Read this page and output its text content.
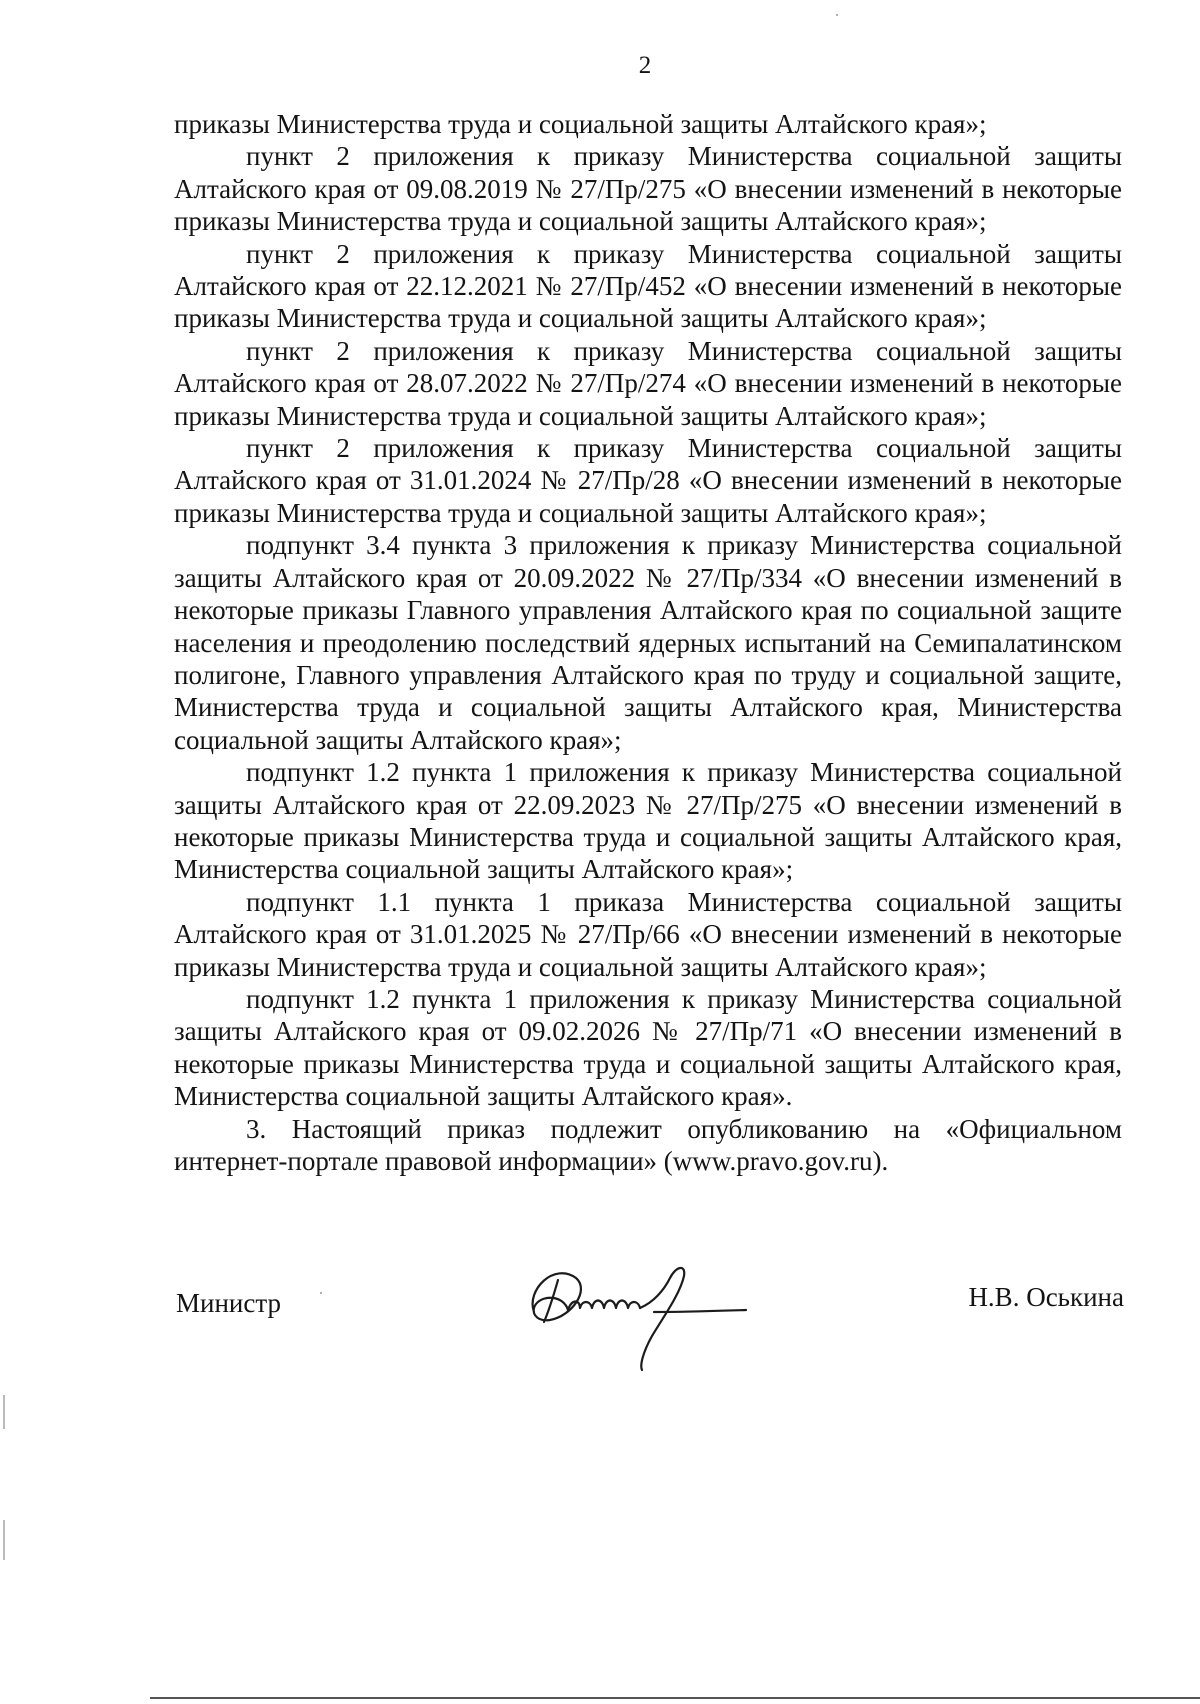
2

приказы Министерства труда и социальной защиты Алтайского края»;

пункт 2 приложения к приказу Министерства социальной защиты Алтайского края от 09.08.2019 № 27/Пр/275 «О внесении изменений в некоторые приказы Министерства труда и социальной защиты Алтайского края»;

пункт 2 приложения к приказу Министерства социальной защиты Алтайского края от 22.12.2021 № 27/Пр/452 «О внесении изменений в некоторые приказы Министерства труда и социальной защиты Алтайского края»;

пункт 2 приложения к приказу Министерства социальной защиты Алтайского края от 28.07.2022 № 27/Пр/274 «О внесении изменений в некоторые приказы Министерства труда и социальной защиты Алтайского края»;

пункт 2 приложения к приказу Министерства социальной защиты Алтайского края от 31.01.2024 № 27/Пр/28 «О внесении изменений в некоторые приказы Министерства труда и социальной защиты Алтайского края»;

подпункт 3.4 пункта 3 приложения к приказу Министерства социальной защиты Алтайского края от 20.09.2022 № 27/Пр/334 «О внесении изменений в некоторые приказы Главного управления Алтайского края по социальной защите населения и преодолению последствий ядерных испытаний на Семипалатинском полигоне, Главного управления Алтайского края по труду и социальной защите, Министерства труда и социальной защиты Алтайского края, Министерства социальной защиты Алтайского края»;

подпункт 1.2 пункта 1 приложения к приказу Министерства социальной защиты Алтайского края от 22.09.2023 № 27/Пр/275 «О внесении изменений в некоторые приказы Министерства труда и социальной защиты Алтайского края, Министерства социальной защиты Алтайского края»;

подпункт 1.1 пункта 1 приказа Министерства социальной защиты Алтайского края от 31.01.2025 № 27/Пр/66 «О внесении изменений в некоторые приказы Министерства труда и социальной защиты Алтайского края»;

подпункт 1.2 пункта 1 приложения к приказу Министерства социальной защиты Алтайского края от 09.02.2026 № 27/Пр/71 «О внесении изменений в некоторые приказы Министерства труда и социальной защиты Алтайского края, Министерства социальной защиты Алтайского края».

3. Настоящий приказ подлежит опубликованию на «Официальном интернет-портале правовой информации» (www.pravo.gov.ru).

Министр	Н.В. Оськина
